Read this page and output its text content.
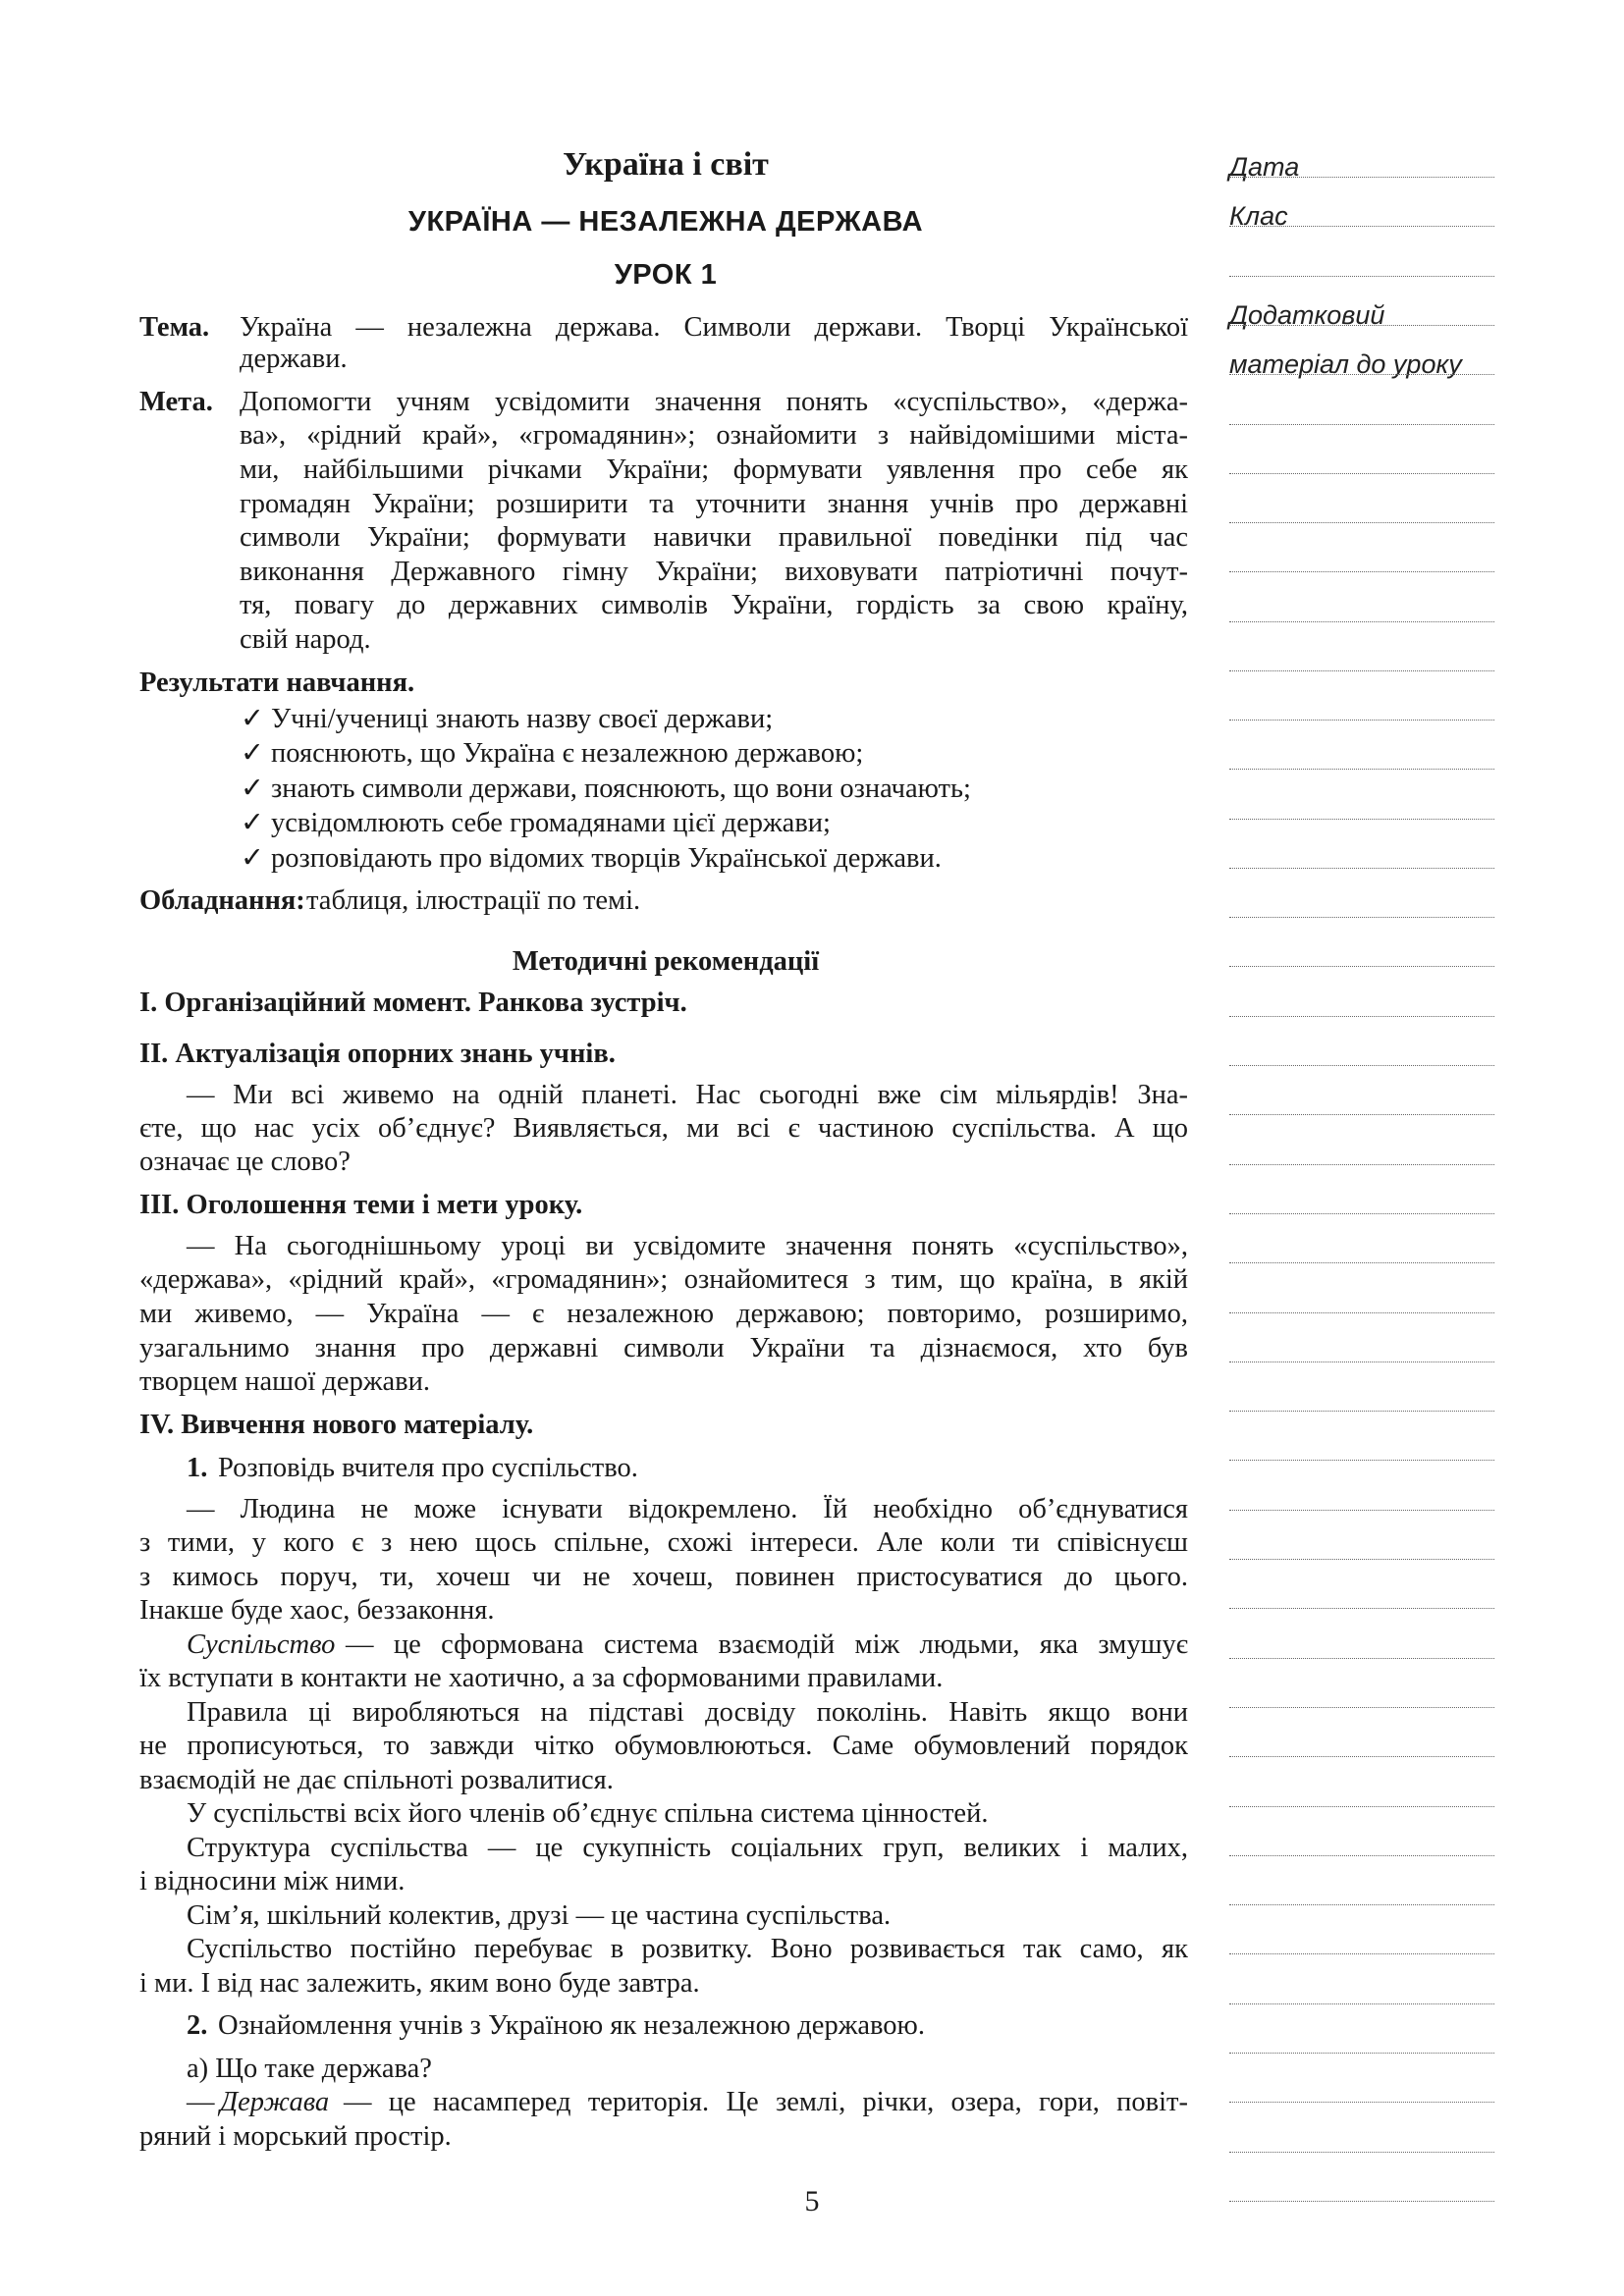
Україна і світ
УКРАЇНА — НЕЗАЛЕЖНА ДЕРЖАВА
УРОК 1
Тема. Україна — незалежна держава. Символи держави. Творці Української
держави.
Мета. Допомогти учням усвідомити значення понять «суспільство», «держа-
ва», «рідний край», «громадянин»; ознайомити з найвідомішими міста-
ми, найбільшими річками України; формувати уявлення про себе як
громадян України; розширити та уточнити знання учнів про державні
символи України; формувати навички правильної поведінки під час
виконання Державного гімну України; виховувати патріотичні почут-
тя, повагу до державних символів України, гордість за свою країну,
свій народ.
Результати навчання.
✓ Учні/учениці знають назву своєї держави;
✓ пояснюють, що Україна є незалежною державою;
✓ знають символи держави, пояснюють, що вони означають;
✓ усвідомлюють себе громадянами цієї держави;
✓ розповідають про відомих творців Української держави.
Обладнання: таблиця, ілюстрації по темі.
Методичні рекомендації
I. Організаційний момент. Ранкова зустріч.
II. Актуалізація опорних знань учнів.
— Ми всі живемо на одній планеті. Нас сьогодні вже сім мільярдів! Зна-
єте, що нас усіх об’єднує? Виявляється, ми всі є частиною суспільства. А що
означає це слово?
III. Оголошення теми і мети уроку.
— На сьогоднішньому уроці ви усвідомите значення понять «суспільство»,
«держава», «рідний край», «громадянин»; ознайомитеся з тим, що країна, в якій
ми живемо, — Україна — є незалежною державою; повторимо, розширимо,
узагальнимо знання про державні символи України та дізнаємося, хто був
творцем нашої держави.
IV. Вивчення нового матеріалу.
1. Розповідь вчителя про суспільство.
— Людина не може існувати відокремлено. Їй необхідно об’єднуватися
з тими, у кого є з нею щось спільне, схожі інтереси. Але коли ти співіснуєш
з кимось поруч, ти, хочеш чи не хочеш, повинен пристосуватися до цього.
Інакше буде хаос, беззаконня.
Суспільство — це сформована система взаємодій між людьми, яка змушує
їх вступати в контакти не хаотично, а за сформованими правилами.
Правила ці виробляються на підставі досвіду поколінь. Навіть якщо вони
не прописуються, то завжди чітко обумовлюються. Саме обумовлений порядок
взаємодій не дає спільноті розвалитися.
У суспільстві всіх його членів об’єднує спільна система цінностей.
Структура суспільства — це сукупність соціальних груп, великих і малих,
і відносини між ними.
Сім’я, шкільний колектив, друзі — це частина суспільства.
Суспільство постійно перебуває в розвитку. Воно розвивається так само, як
і ми. І від нас залежить, яким воно буде завтра.
2. Ознайомлення учнів з Україною як незалежною державою.
а) Що таке держава?
— Держава — це насамперед територія. Це землі, річки, озера, гори, повіт-
ряний і морський простір.
Дата
Клас
Додатковий
матеріал до уроку
5
